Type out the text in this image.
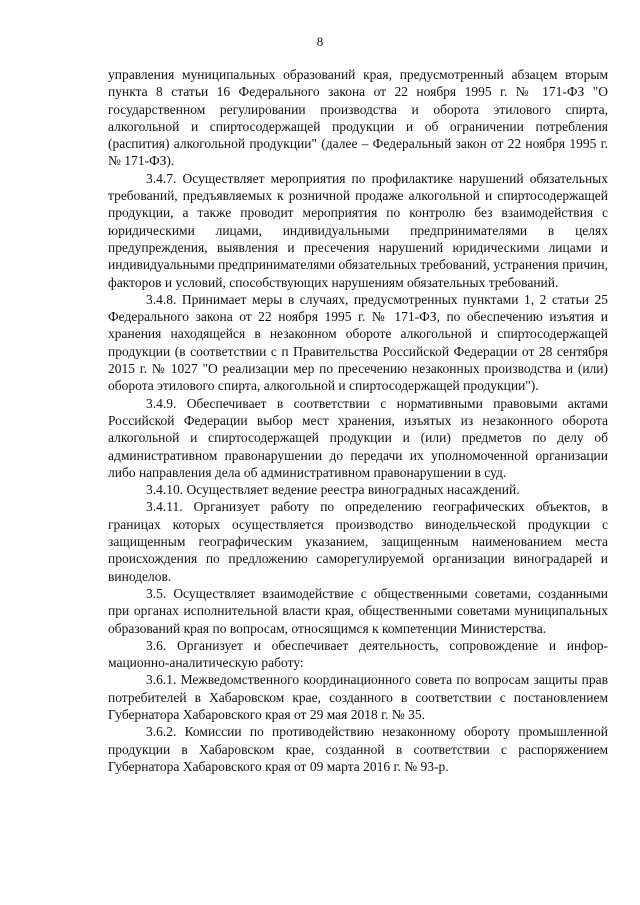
8

управления муниципальных образований края, предусмотренный абзацем вторым пункта 8 статьи 16 Федерального закона от 22 ноября 1995 г. № 171-ФЗ "О государственном регулировании производства и оборота этилового спирта, алкогольной и спиртосодержащей продукции и об ограничении потребления (распития) алкогольной продукции" (далее – Федеральный закон от 22 ноября 1995 г. № 171-ФЗ).

3.4.7. Осуществляет мероприятия по профилактике нарушений обязательных требований, предъявляемых к розничной продаже алкогольной и спиртосодержащей продукции, а также проводит мероприятия по контролю без взаимодействия с юридическими лицами, индивидуальными предпринимателями в целях предупреждения, выявления и пресечения нарушений юридическими лицами и индивидуальными предпринимателями обязательных требований, устранения причин, факторов и условий, способствующих нарушениям обязательных требований.

3.4.8. Принимает меры в случаях, предусмотренных пунктами 1, 2 статьи 25 Федерального закона от 22 ноября 1995 г. № 171-ФЗ, по обеспечению изъятия и хранения находящейся в незаконном обороте алкогольной и спиртосодержащей продукции (в соответствии с п Правительства Российской Федерации от 28 сентября 2015 г. № 1027 "О реализации мер по пресечению незаконных производства и (или) оборота этилового спирта, алкогольной и спиртосодержащей продукции").

3.4.9. Обеспечивает в соответствии с нормативными правовыми актами Российской Федерации выбор мест хранения, изъятых из незаконного оборота алкогольной и спиртосодержащей продукции и (или) предметов по делу об административном правонарушении до передачи их уполномоченной организации либо направления дела об административном правонарушении в суд.

3.4.10. Осуществляет ведение реестра виноградных насаждений.

3.4.11. Организует работу по определению географических объектов, в границах которых осуществляется производство винодельческой продукции с защищенным географическим указанием, защищенным наименованием места происхождения по предложению саморегулируемой организации виноградарей и виноделов.

3.5. Осуществляет взаимодействие с общественными советами, созданными при органах исполнительной власти края, общественными советами муниципальных образований края по вопросам, относящимся к компетенции Министерства.

3.6. Организует и обеспечивает деятельность, сопровождение и информационно-аналитическую работу:

3.6.1. Межведомственного координационного совета по вопросам защиты прав потребителей в Хабаровском крае, созданного в соответствии с постановлением Губернатора Хабаровского края от 29 мая 2018 г. № 35.

3.6.2. Комиссии по противодействию незаконному обороту промышленной продукции в Хабаровском крае, созданной в соответствии с распоряжением Губернатора Хабаровского края от 09 марта 2016 г. № 93-р.
